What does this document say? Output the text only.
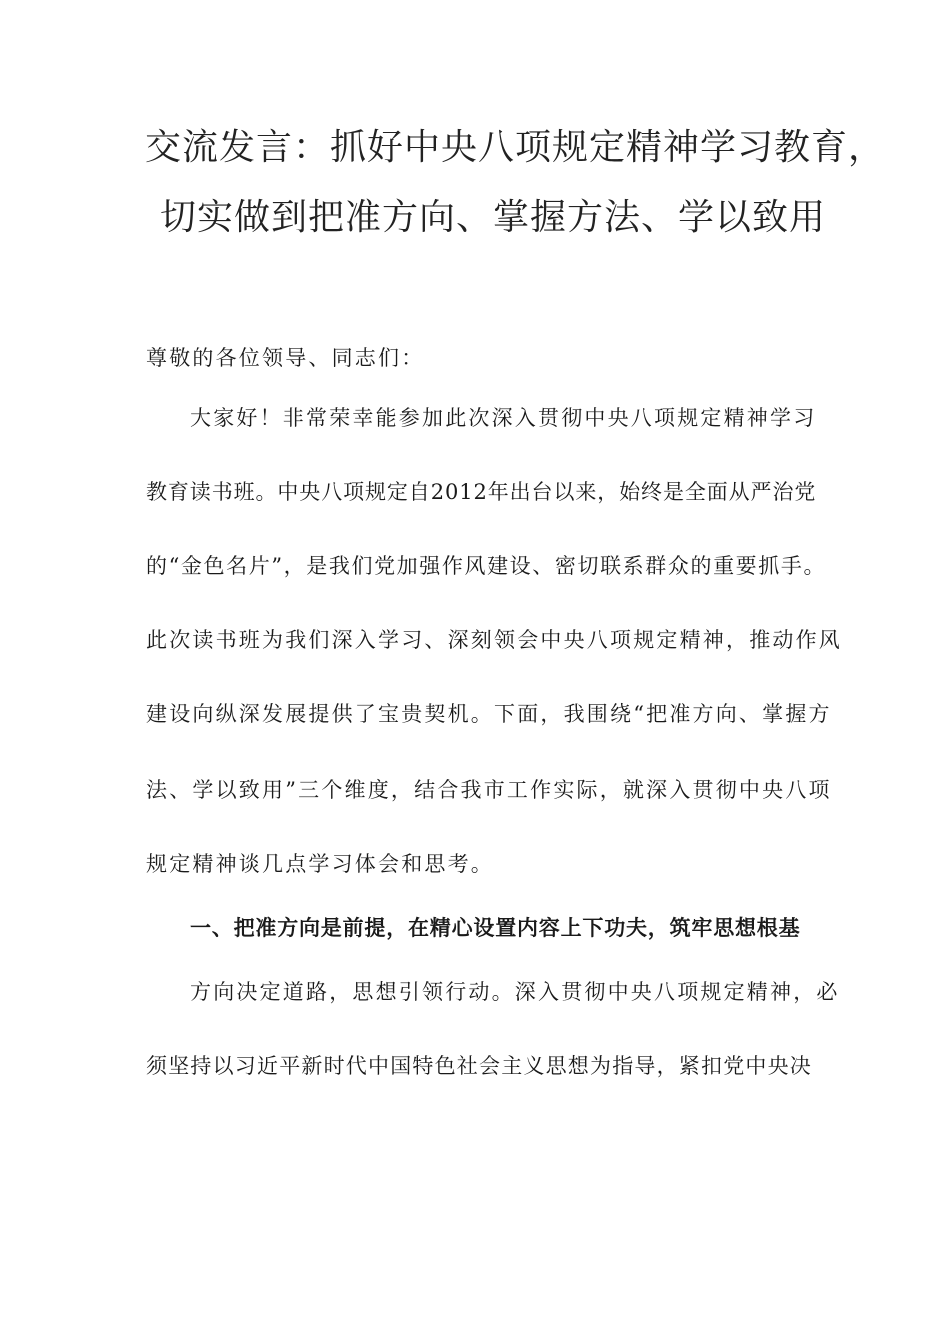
交流发言：抓好中央八项规定精神学习教育，
切实做到把准方向、掌握方法、学以致用
尊敬的各位领导、同志们：
大家好！非常荣幸能参加此次深入贯彻中央八项规定精神学习
教育读书班。中央八项规定自2012年出台以来，始终是全面从严治党
的“金色名片”，是我们党加强作风建设、密切联系群众的重要抓手。
此次读书班为我们深入学习、深刻领会中央八项规定精神，推动作风
建设向纵深发展提供了宝贵契机。下面，我围绕“把准方向、掌握方
法、学以致用”三个维度，结合我市工作实际，就深入贯彻中央八项
规定精神谈几点学习体会和思考。
一、把准方向是前提，在精心设置内容上下功夫，筑牢思想根基
方向决定道路，思想引领行动。深入贯彻中央八项规定精神，必
须坚持以习近平新时代中国特色社会主义思想为指导，紧扣党中央决
